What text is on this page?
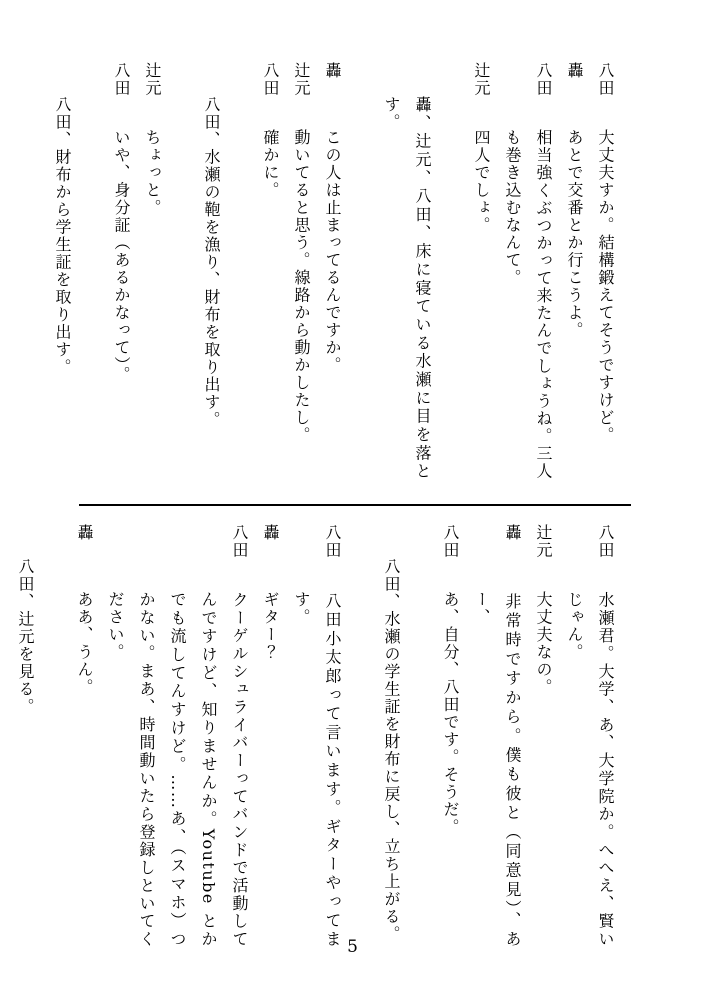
八田大丈夫すか。結構鍛えてそうですけど。

轟あとで交番とか行こうよ。

八田相当強くぶつかって来たんでしょうね。三人も巻き込むなんて。

辻元四人でしょ。

轟、辻元、八田、床に寝ている水瀬に目を落とす。

轟この人は止まってるんですか。

辻元動いてると思う。線路から動かしたし。

八田確かに。

八田、水瀬の鞄を漁り、財布を取り出す。

辻元ちょっと。

八田いや、身分証（あるかなって）。

八田、財布から学生証を取り出す。

八田水瀬君。大学、あ、大学院か。へへえ、賢いじゃん。

辻元大丈夫なの。

轟非常時ですから。僕も彼と（同意見）、あー、

八田あ、自分、八田です。そうだ。

八田、水瀬の学生証を財布に戻し、立ち上がる。

八田八田小太郎って言います。ギターやってます。

轟ギター？

八田クーゲルシュライバーってバンドで活動してんですけど、知りませんか。Youtube とかでも流してんすけど。……あ、（スマホ）つかない。まあ、時間動いたら登録しといてください。

轟ああ、うん。

八田、辻元を見る。

5
